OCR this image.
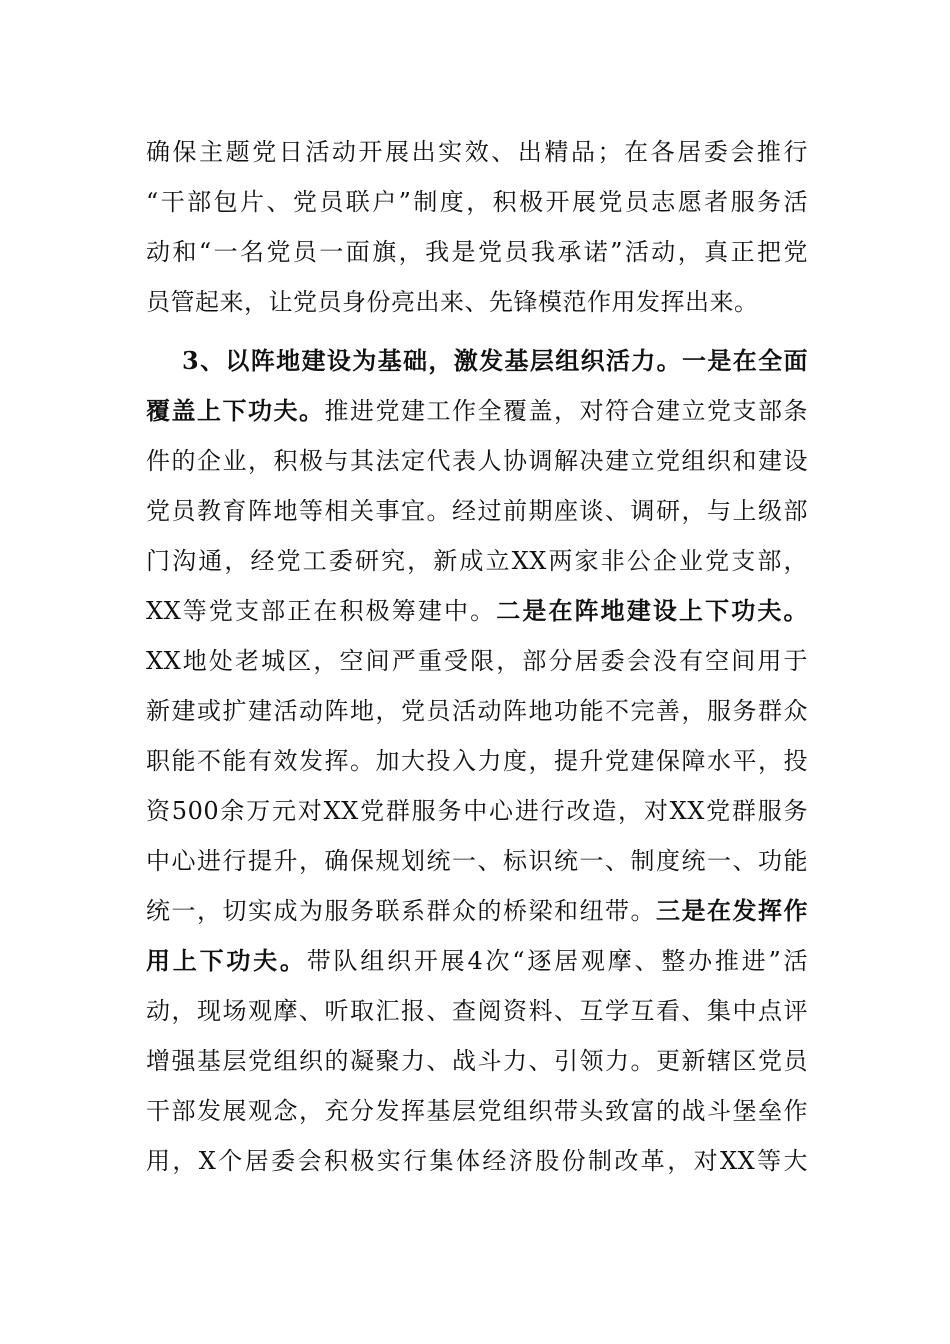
确保主题党日活动开展出实效、出精品；在各居委会推行
“干部包片、党员联户”制度，积极开展党员志愿者服务活
动和“一名党员一面旗，我是党员我承诺”活动，真正把党
员管起来，让党员身份亮出来、先锋模范作用发挥出来。
3、以阵地建设为基础，激发基层组织活力。一是在全面
覆盖上下功夫。推进党建工作全覆盖，对符合建立党支部条
件的企业，积极与其法定代表人协调解决建立党组织和建设
党员教育阵地等相关事宜。经过前期座谈、调研，与上级部
门沟通，经党工委研究，新成立XX两家非公企业党支部，
XX等党支部正在积极筹建中。二是在阵地建设上下功夫。
XX地处老城区，空间严重受限，部分居委会没有空间用于
新建或扩建活动阵地，党员活动阵地功能不完善，服务群众
职能不能有效发挥。加大投入力度，提升党建保障水平，投
资500余万元对XX党群服务中心进行改造，对XX党群服务
中心进行提升，确保规划统一、标识统一、制度统一、功能
统一，切实成为服务联系群众的桥梁和纽带。三是在发挥作
用上下功夫。带队组织开展4次“逐居观摩、整办推进”活
动，现场观摩、听取汇报、查阅资料、互学互看、集中点评
增强基层党组织的凝聚力、战斗力、引领力。更新辖区党员
干部发展观念，充分发挥基层党组织带头致富的战斗堡垒作
用，X个居委会积极实行集体经济股份制改革，对XX等大
